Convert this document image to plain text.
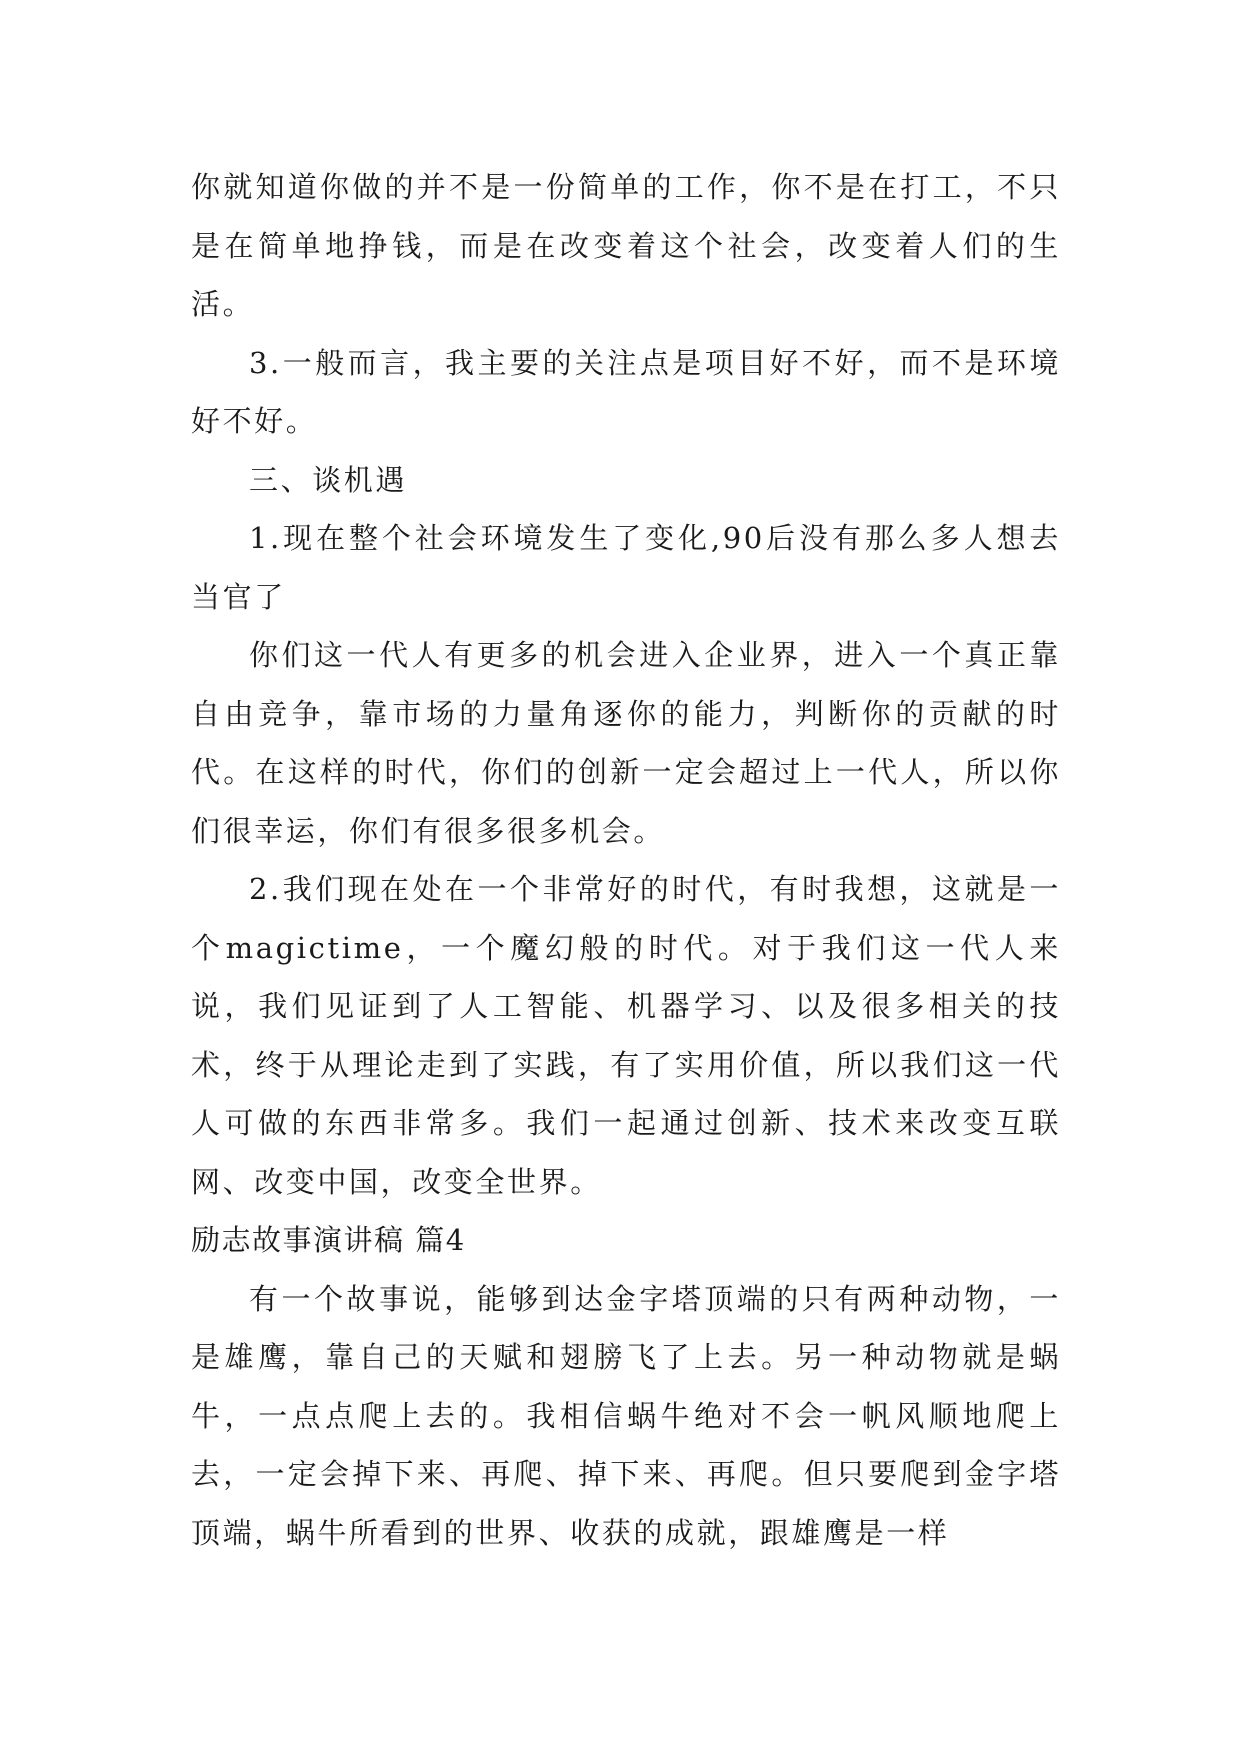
你就知道你做的并不是一份简单的工作，你不是在打工，不只是在简单地挣钱，而是在改变着这个社会，改变着人们的生活。

3.一般而言，我主要的关注点是项目好不好，而不是环境好不好。

三、谈机遇

1.现在整个社会环境发生了变化,90后没有那么多人想去当官了

你们这一代人有更多的机会进入企业界，进入一个真正靠自由竞争，靠市场的力量角逐你的能力，判断你的贡献的时代。在这样的时代，你们的创新一定会超过上一代人，所以你们很幸运，你们有很多很多机会。

2.我们现在处在一个非常好的时代，有时我想，这就是一个magictime，一个魔幻般的时代。对于我们这一代人来说，我们见证到了人工智能、机器学习、以及很多相关的技术，终于从理论走到了实践，有了实用价值，所以我们这一代人可做的东西非常多。我们一起通过创新、技术来改变互联网、改变中国，改变全世界。

励志故事演讲稿 篇4

有一个故事说，能够到达金字塔顶端的只有两种动物，一是雄鹰，靠自己的天赋和翅膀飞了上去。另一种动物就是蜗牛，一点点爬上去的。我相信蜗牛绝对不会一帆风顺地爬上去，一定会掉下来、再爬、掉下来、再爬。但只要爬到金字塔顶端，蜗牛所看到的世界、收获的成就，跟雄鹰是一样
